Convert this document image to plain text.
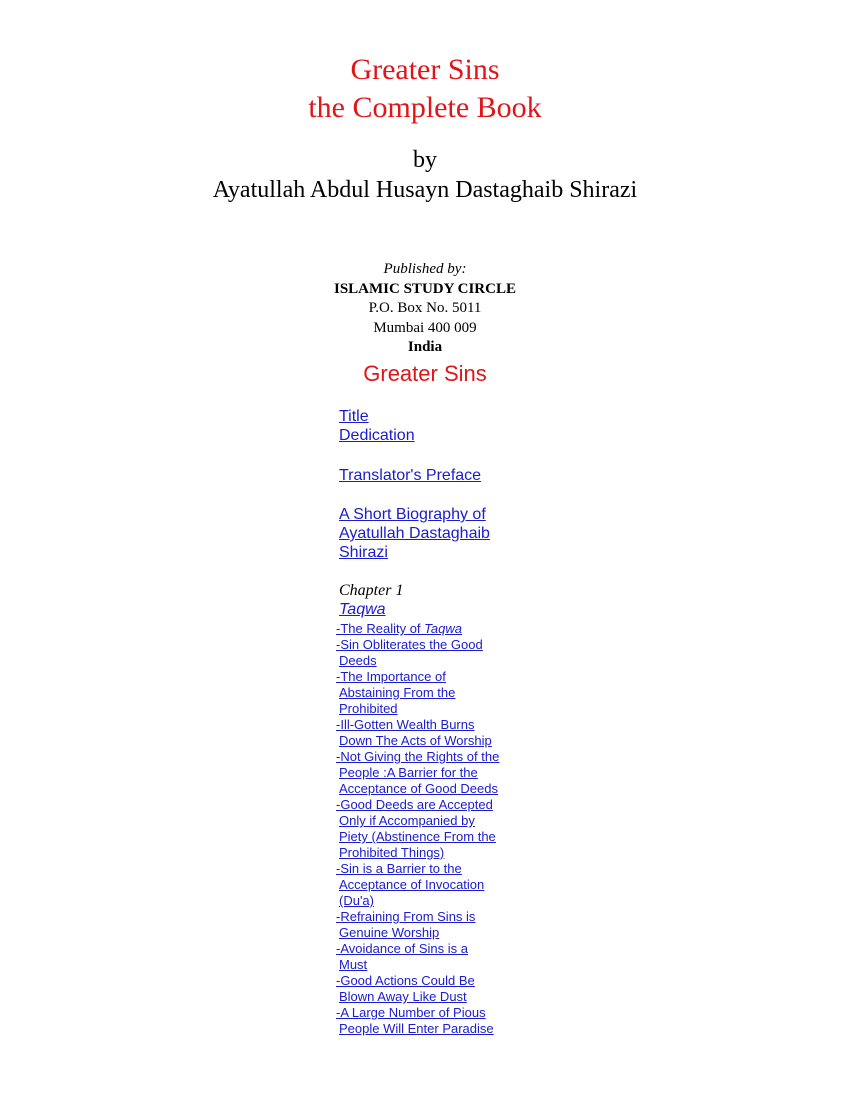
Greater Sins
the Complete Book
by
Ayatullah Abdul Husayn Dastaghaib Shirazi
Published by:
ISLAMIC STUDY CIRCLE
P.O. Box No. 5011
Mumbai 400 009
India
Greater Sins
Title
Dedication
Translator's Preface
A Short Biography of
Ayatullah Dastaghaib
Shirazi
Chapter 1
Taqwa
-The Reality of Taqwa
-Sin Obliterates the Good
Deeds
-The Importance of
Abstaining From the
Prohibited
-Ill-Gotten Wealth Burns
Down The Acts of Worship
-Not Giving the Rights of the
People :A Barrier for the
Acceptance of Good Deeds
-Good Deeds are Accepted
Only if Accompanied by
Piety (Abstinence From the
Prohibited Things)
-Sin is a Barrier to the
Acceptance of Invocation
(Du'a)
-Refraining From Sins is
Genuine Worship
-Avoidance of Sins is a
Must
-Good Actions Could Be
Blown Away Like Dust
-A Large Number of Pious
People Will Enter Paradise
